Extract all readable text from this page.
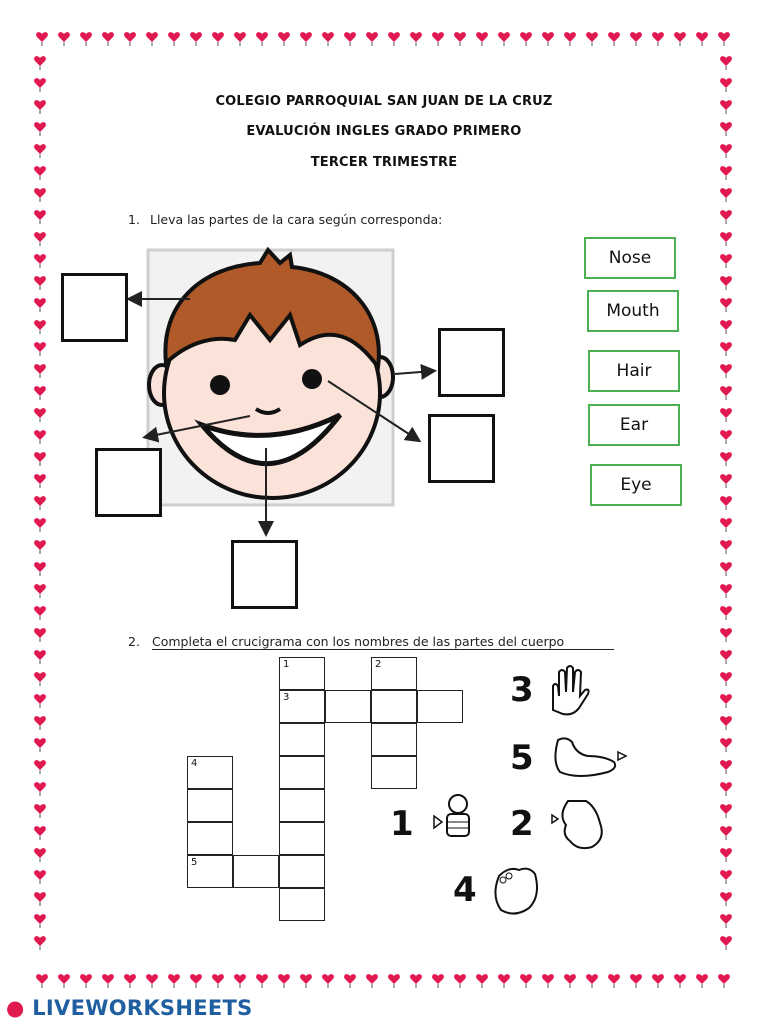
COLEGIO PARROQUIAL SAN JUAN DE LA CRUZ
EVALUCIÓN INGLES GRADO PRIMERO
TERCER TRIMESTRE
1. Lleva las partes de la cara según corresponda:
Nose
Mouth
Hair
Ear
Eye
2. Completa el crucigrama con los nombres de las partes del cuerpo
1
3
2
4
5
3
5
1	2
4
● LIVEWORKSHEETS
